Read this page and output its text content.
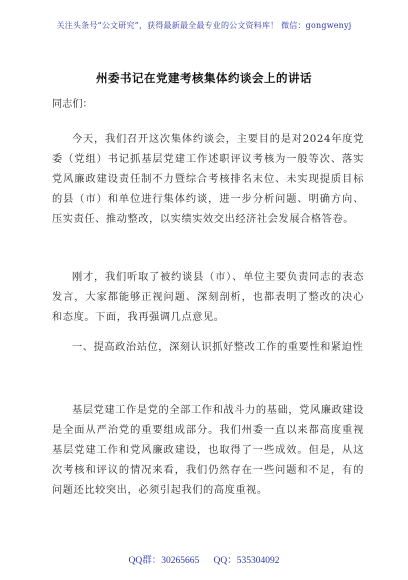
关注头条号“公文研究”，获得最新最全最专业的公文资料库！ 微信：gongwenyj
州委书记在党建考核集体约谈会上的讲话
同志们：

今天，我们召开这次集体约谈会，主要目的是对2024年度党委（党组）书记抓基层党建工作述职评议考核为一般等次、落实党风廉政建设责任制不力暨综合考核排名末位、未实现提质目标的县（市）和单位进行集体约谈，进一步分析问题、明确方向、压实责任、推动整改，以实绩实效交出经济社会发展合格答卷。

刚才，我们听取了被约谈县（市）、单位主要负责同志的表态发言，大家都能够正视问题、深刻剖析，也都表明了整改的决心和态度。下面，我再强调几点意见。

一、提高政治站位，深刻认识抓好整改工作的重要性和紧迫性

基层党建工作是党的全部工作和战斗力的基础，党风廉政建设是全面从严治党的重要组成部分。我们州委一直以来都高度重视基层党建工作和党风廉政建设，也取得了一些成效。但是，从这次考核和评议的情况来看，我们仍然存在一些问题和不足，有的问题还比较突出，必须引起我们的高度重视。

QQ群：30265665 QQ：535304092
